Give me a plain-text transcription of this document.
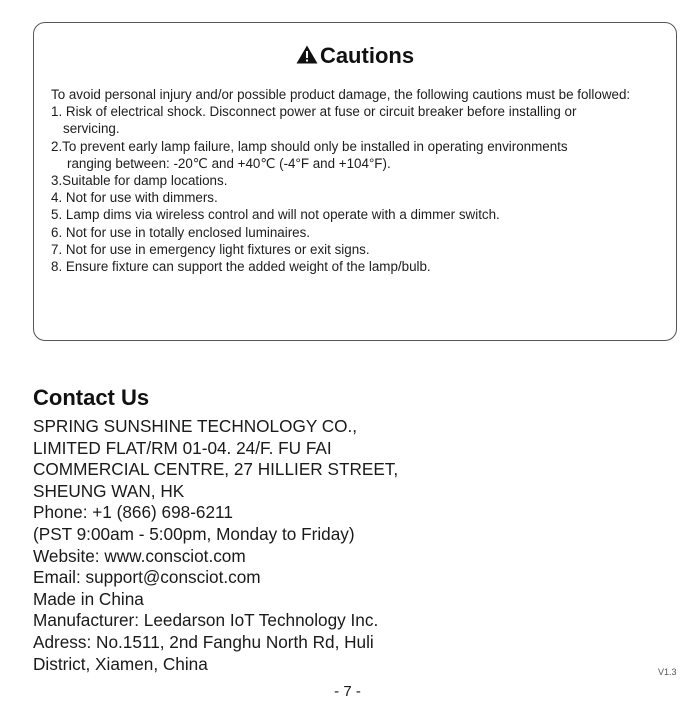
Cautions

To avoid personal injury and/or possible product damage, the following cautions must be followed:

1. Risk of electrical shock. Disconnect power at fuse or circuit breaker before installing or
servicing.
2.To prevent early lamp failure, lamp should only be installed in operating environments
ranging between: -20℃ and +40℃ (-4°F and +104°F).
3.Suitable for damp locations.
4. Not for use with dimmers.
5. Lamp dims via wireless control and will not operate with a dimmer switch.
6. Not for use in totally enclosed luminaires.
7. Not for use in emergency light fixtures or exit signs.
8. Ensure fixture can support the added weight of the lamp/bulb.
Contact Us
SPRING SUNSHINE TECHNOLOGY CO.,
LIMITED FLAT/RM 01-04. 24/F. FU FAI
COMMERCIAL CENTRE, 27 HILLIER STREET,
SHEUNG WAN, HK
Phone: +1 (866) 698-6211
(PST 9:00am - 5:00pm, Monday to Friday)
Website: www.consciot.com
Email: support@consciot.com
Made in China
Manufacturer: Leedarson IoT Technology Inc.
Adress: No.1511, 2nd Fanghu North Rd, Huli
District, Xiamen, China	V1.3
- 7 -
